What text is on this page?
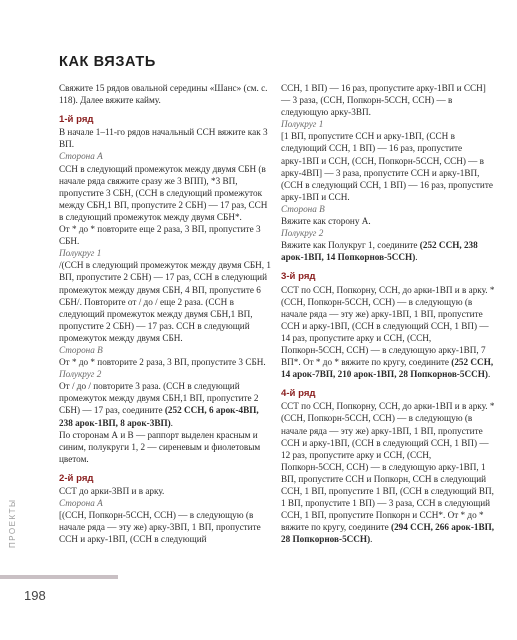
КАК ВЯЗАТЬ

Свяжите 15 рядов овальной середины «Шанс» (см. с. 118). Далее вяжите кайму.

1-й ряд

В начале 1–11-го рядов начальный ССН вяжите как 3 ВП.

Сторона А

ССН в следующий промежуток между двумя СБН (в начале ряда свяжите сразу же 3 ВПП), *3 ВП, пропустите 3 СБН, (ССН в следующий промежуток между СБН,1 ВП, пропустите 2 СБН) — 17 раз, ССН в следующий промежуток между двумя СБН*.

От * до * повторите еще 2 раза, 3 ВП, пропустите 3 СБН.

Полукруг 1

/(ССН в следующий промежуток между двумя СБН, 1 ВП, пропустите 2 СБН) — 17 раз, ССН в следующий промежуток между двумя СБН, 4 ВП, пропустите 6 СБН/. Повторите от / до / еще 2 раза. (ССН в следующий промежуток между двумя СБН,1 ВП, пропустите 2 СБН) — 17 раз. ССН в следующий промежуток между двумя СБН.

Сторона В

От * до * повторите 2 раза, 3 ВП, пропустите 3 СБН.

Полукруг 2

От / до / повторите 3 раза. (ССН в следующий промежуток между двумя СБН,1 ВП, пропустите 2 СБН) — 17 раз, соедините (252 ССН, 6 арок-4ВП, 238 арок-1ВП, 8 арок-3ВП).

По сторонам А и В — раппорт выделен красным и синим, полукруги 1, 2 — сиреневым и фиолетовым цветом.

2-й ряд

ССТ до арки-3ВП и в арку.

Сторона А

[(ССН, Попкорн-5ССН, ССН) — в следующую (в начале ряда — эту же) арку-3ВП, 1 ВП, пропустите ССН и арку-1ВП, (ССН в следующий

ССН, 1 ВП) — 16 раз, пропустите арку-1ВП и ССН] — 3 раза, (ССН, Попкорн-5ССН, ССН) — в следующую арку-3ВП.

Полукруг 1

[1 ВП, пропустите ССН и арку-1ВП, (ССН в следующий ССН, 1 ВП) — 16 раз, пропустите арку-1ВП и ССН, (ССН, Попкорн-5ССН, ССН) — в арку-4ВП] — 3 раза, пропустите ССН и арку-1ВП, (ССН в следующий ССН, 1 ВП) — 16 раз, пропустите арку-1ВП и ССН.

Сторона В

Вяжите как сторону А.

Полукруг 2

Вяжите как Полукруг 1, соедините (252 ССН, 238 арок-1ВП, 14 Попкорнов-5ССН).

3-й ряд

ССТ по ССН, Попкорну, ССН, до арки-1ВП и в арку. *(ССН, Попкорн-5ССН, ССН) — в следующую (в начале ряда — эту же) арку-1ВП, 1 ВП, пропустите ССН и арку-1ВП, (ССН в следующий ССН, 1 ВП) — 14 раз, пропустите арку и ССН, (ССН, Попкорн-5ССН, ССН) — в следующую арку-1ВП, 7 ВП*. От * до * вяжите по кругу, соедините (252 ССН, 14 арок-7ВП, 210 арок-1ВП, 28 Попкорнов-5ССН).

4-й ряд

ССТ по ССН, Попкорну, ССН, до арки-1ВП и в арку. *(ССН, Попкорн-5ССН, ССН) — в следующую (в начале ряда — эту же) арку-1ВП, 1 ВП, пропустите ССН и арку-1ВП, (ССН в следующий ССН, 1 ВП) — 12 раз, пропустите арку и ССН, (ССН, Попкорн-5ССН, ССН) — в следующую арку-1ВП, 1 ВП, пропустите ССН и Попкорн, ССН в следующий ССН, 1 ВП, пропустите 1 ВП, (ССН в следующий ВП, 1 ВП, пропустите 1 ВП) — 3 раза, ССН в следующий ССН, 1 ВП, пропустите Попкорн и ССН*. От * до * вяжите по кругу, соедините (294 ССН, 266 арок-1ВП, 28 Попкорнов-5ССН).

ПРОЕКТЫ
198
